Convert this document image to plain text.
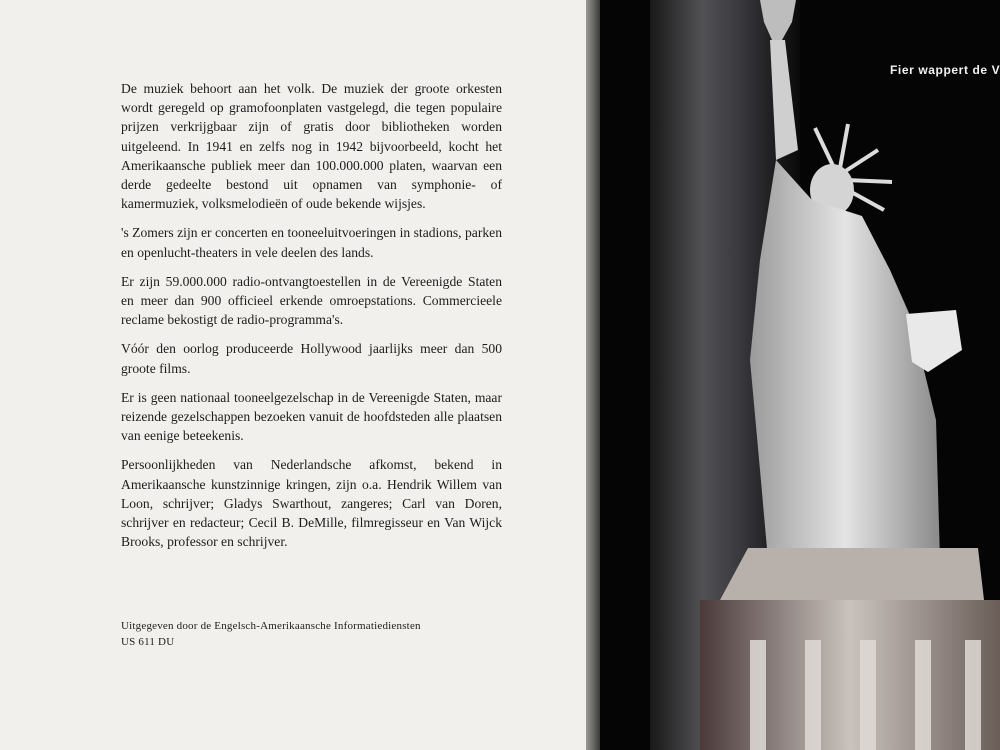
De muziek behoort aan het volk. De muziek der groote orkesten wordt geregeld op gramofoonplaten vastgelegd, die tegen populaire prijzen verkrijgbaar zijn of gratis door bibliotheken worden uitgeleend. In 1941 en zelfs nog in 1942 bijvoorbeeld, kocht het Amerikaansche publiek meer dan 100.000.000 platen, waarvan een derde gedeelte bestond uit opnamen van symphonie- of kamermuziek, volksmelodieën of oude bekende wijsjes.

's Zomers zijn er concerten en tooneeluitvoeringen in stadions, parken en openlucht-theaters in vele deelen des lands.

Er zijn 59.000.000 radio-ontvangtoestellen in de Vereenigde Staten en meer dan 900 officieel erkende omroepstations. Commercieele reclame bekostigt de radio-programma's.

Vóór den oorlog produceerde Hollywood jaarlijks meer dan 500 groote films.

Er is geen nationaal tooneelgezelschap in de Vereenigde Staten, maar reizende gezelschappen bezoeken vanuit de hoofdsteden alle plaatsen van eenige beteekenis.

Persoonlijkheden van Nederlandsche afkomst, bekend in Amerikaansche kunstzinnige kringen, zijn o.a. Hendrik Willem van Loon, schrijver; Gladys Swarthout, zangeres; Carl van Doren, schrijver en redacteur; Cecil B. DeMille, filmregisseur en Van Wijck Brooks, professor en schrijver.

Uitgegeven door de Engelsch-Amerikaansche Informatiediensten
US 611 DU
Fier wappert de V
